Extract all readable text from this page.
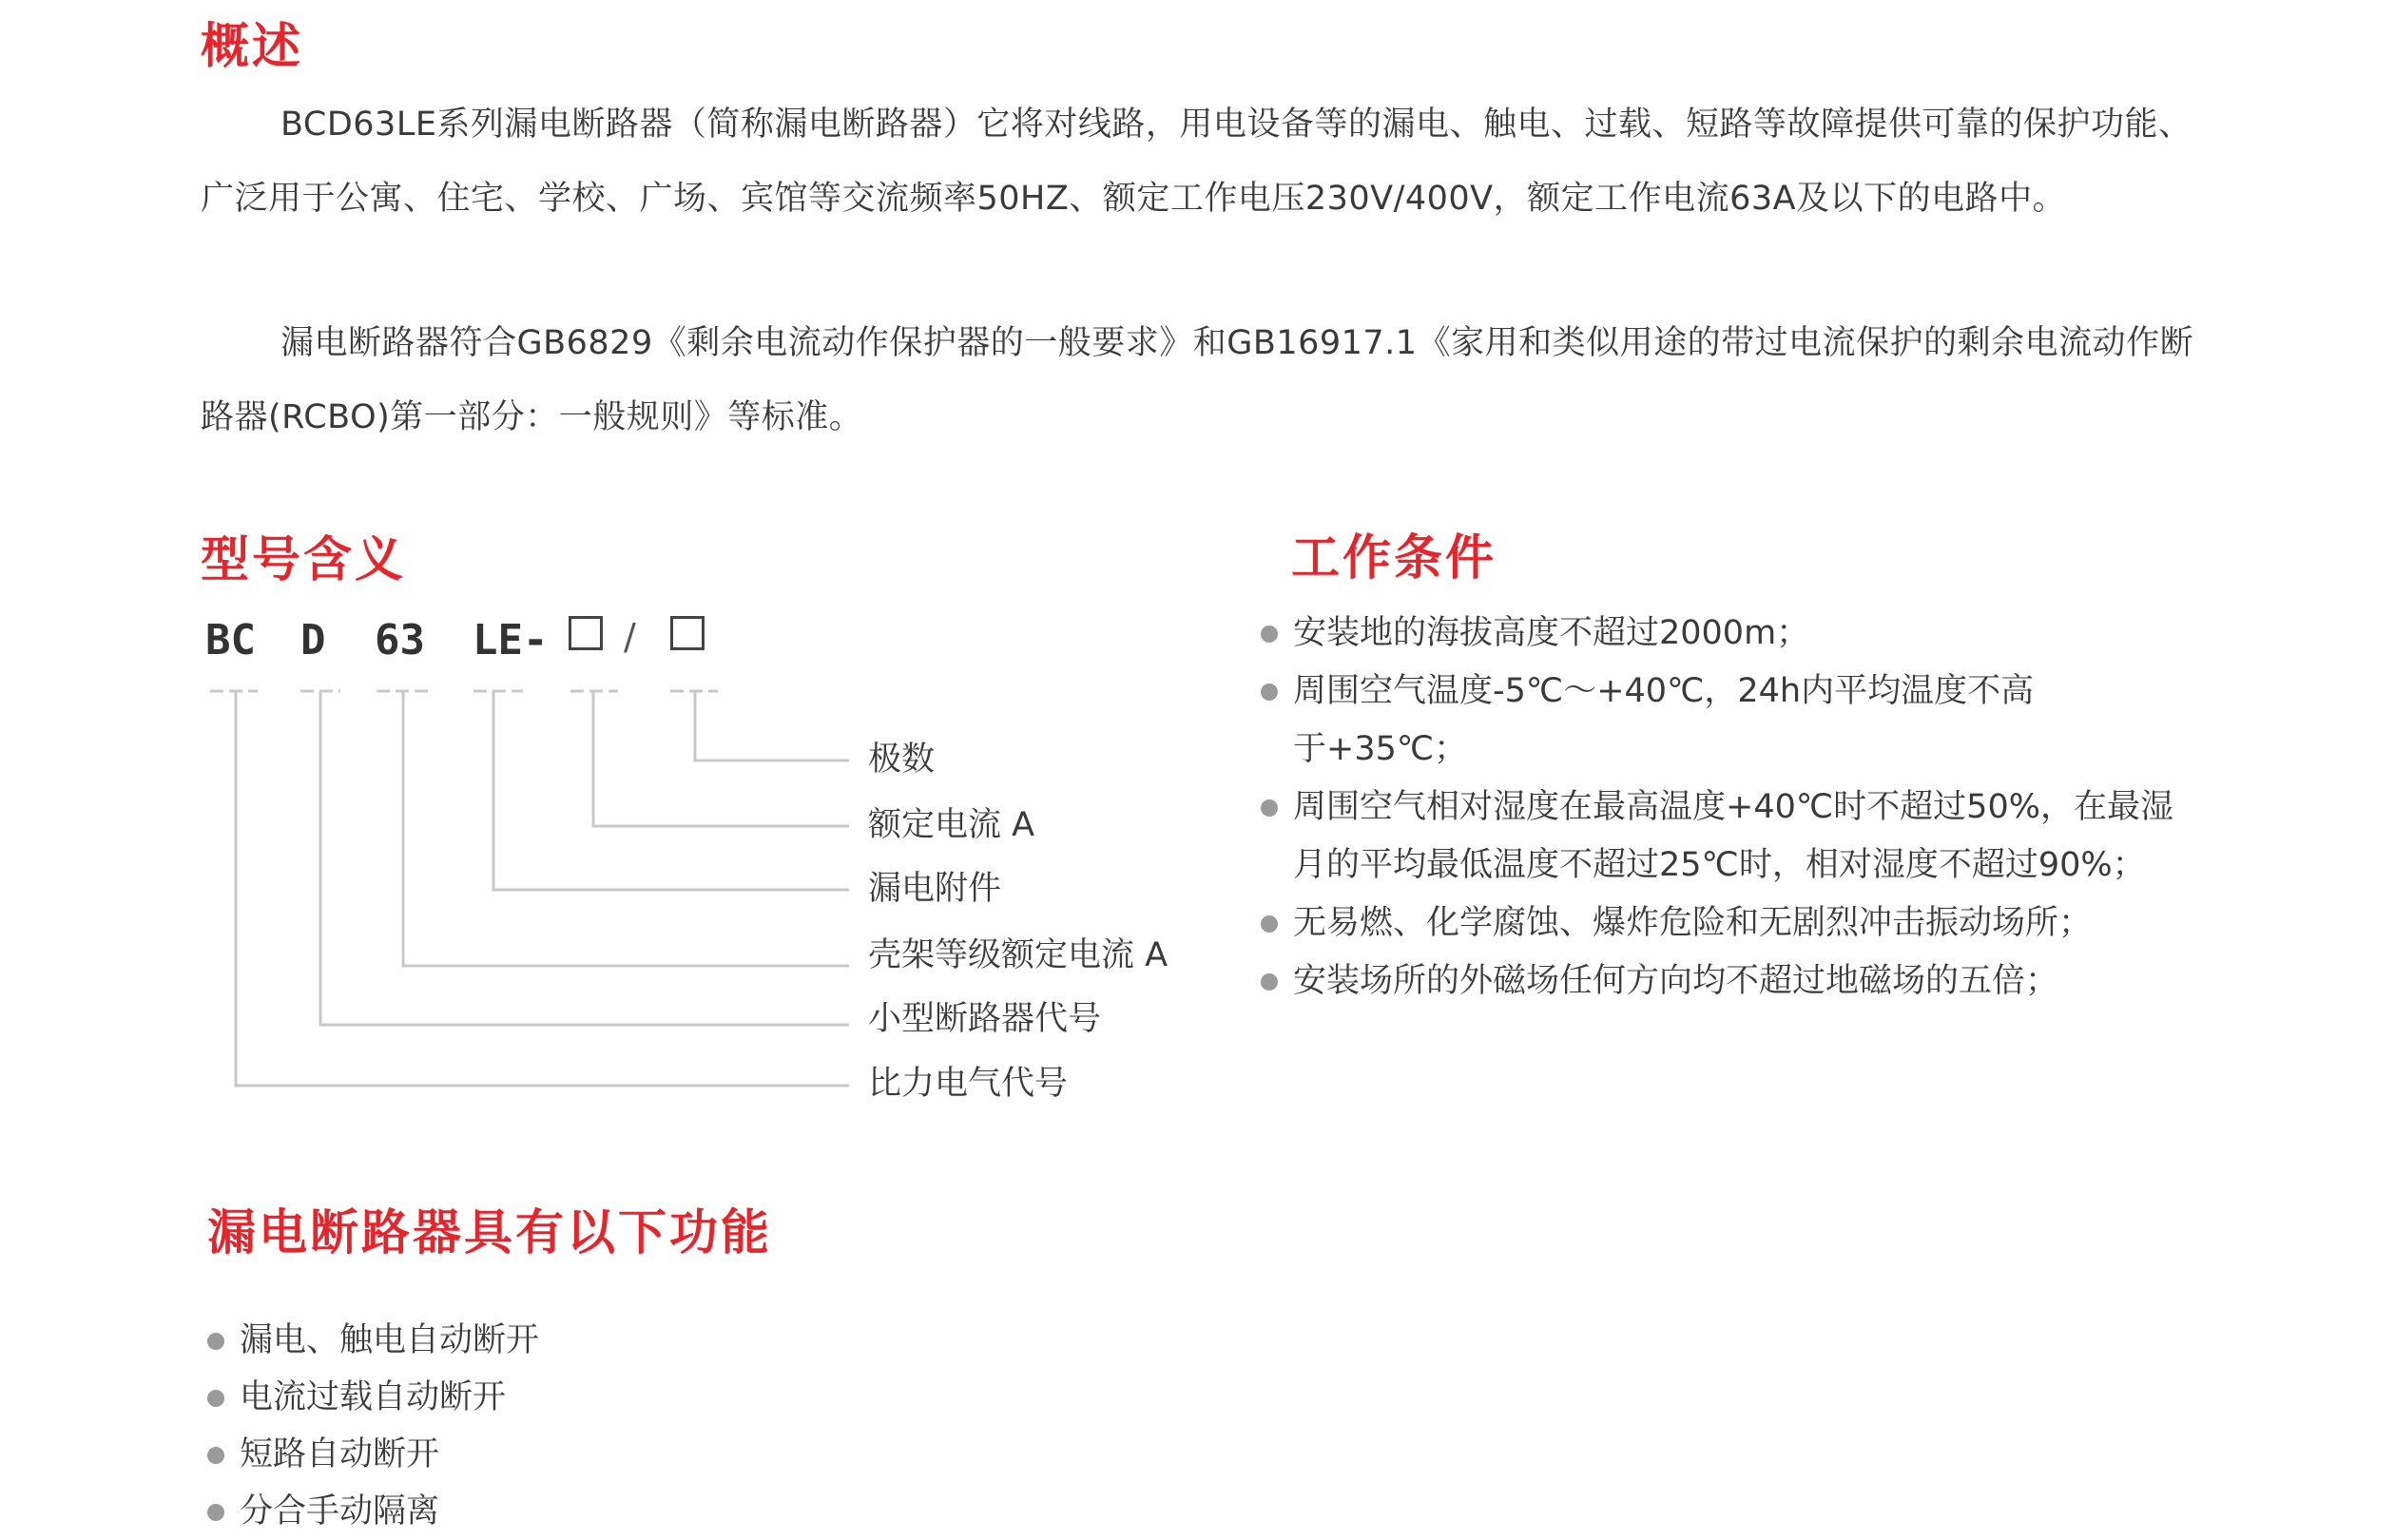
概述

BCD63LE系列漏电断路器（简称漏电断路器）它将对线路，用电设备等的漏电、触电、过载、短路等故障提供可靠的保护功能、广泛用于公寓、住宅、学校、广场、宾馆等交流频率50HZ、额定工作电压230V/400V，额定工作电流63A及以下的电路中。

漏电断路器符合GB6829《剩余电流动作保护器的一般要求》和GB16917.1《家用和类似用途的带过电流保护的剩余电流动作断路器(RCBO)第一部分：一般规则》等标准。

型号含义
BC D 63 LE- /
极数
额定电流 A
漏电附件
壳架等级额定电流 A
小型断路器代号
比力电气代号
工作条件
安装地的海拔高度不超过2000m；
周围空气温度-5℃～+40℃，24h内平均温度不高
于+35℃；
周围空气相对湿度在最高温度+40℃时不超过50%，在最湿
月的平均最低温度不超过25℃时，相对湿度不超过90%；
无易燃、化学腐蚀、爆炸危险和无剧烈冲击振动场所；
安装场所的外磁场任何方向均不超过地磁场的五倍；
漏电断路器具有以下功能
漏电、触电自动断开
电流过载自动断开
短路自动断开
分合手动隔离
